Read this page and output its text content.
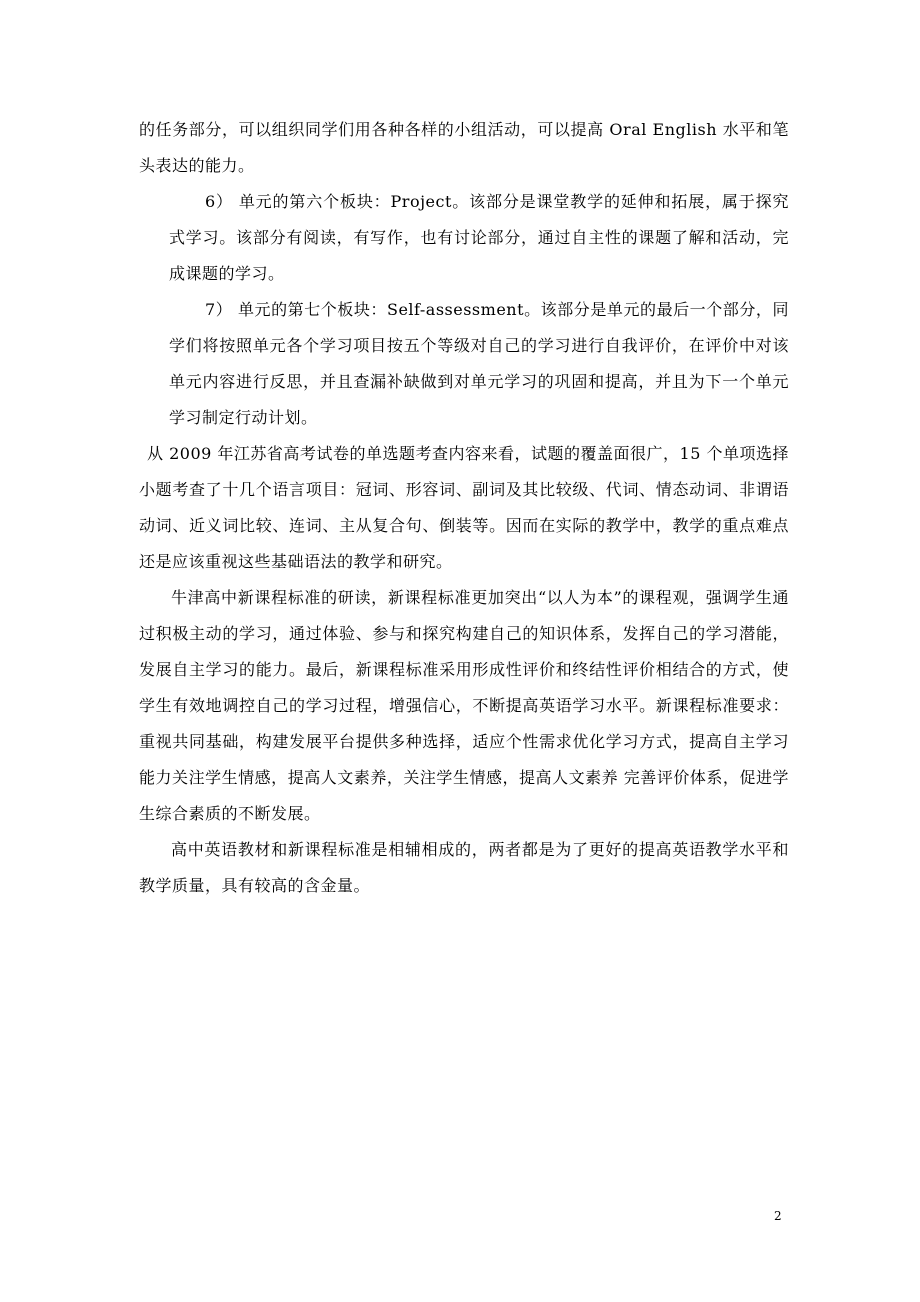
的任务部分，可以组织同学们用各种各样的小组活动，可以提高 Oral English 水平和笔头表达的能力。

6） 单元的第六个板块：Project。该部分是课堂教学的延伸和拓展，属于探究式学习。该部分有阅读，有写作，也有讨论部分，通过自主性的课题了解和活动，完成课题的学习。

7） 单元的第七个板块：Self-assessment。该部分是单元的最后一个部分，同学们将按照单元各个学习项目按五个等级对自己的学习进行自我评价，在评价中对该单元内容进行反思，并且查漏补缺做到对单元学习的巩固和提高，并且为下一个单元学习制定行动计划。

从 2009 年江苏省高考试卷的单选题考查内容来看，试题的覆盖面很广，15 个单项选择小题考查了十几个语言项目：冠词、形容词、副词及其比较级、代词、情态动词、非谓语动词、近义词比较、连词、主从复合句、倒装等。因而在实际的教学中，教学的重点难点还是应该重视这些基础语法的教学和研究。

牛津高中新课程标准的研读，新课程标准更加突出“以人为本”的课程观，强调学生通过积极主动的学习，通过体验、参与和探究构建自己的知识体系，发挥自己的学习潜能，发展自主学习的能力。最后，新课程标准采用形成性评价和终结性评价相结合的方式，使学生有效地调控自己的学习过程，增强信心，不断提高英语学习水平。新课程标准要求：重视共同基础，构建发展平台提供多种选择，适应个性需求优化学习方式，提高自主学习能力关注学生情感，提高人文素养，关注学生情感，提高人文素养 完善评价体系，促进学生综合素质的不断发展。

高中英语教材和新课程标准是相辅相成的，两者都是为了更好的提高英语教学水平和教学质量，具有较高的含金量。

2
